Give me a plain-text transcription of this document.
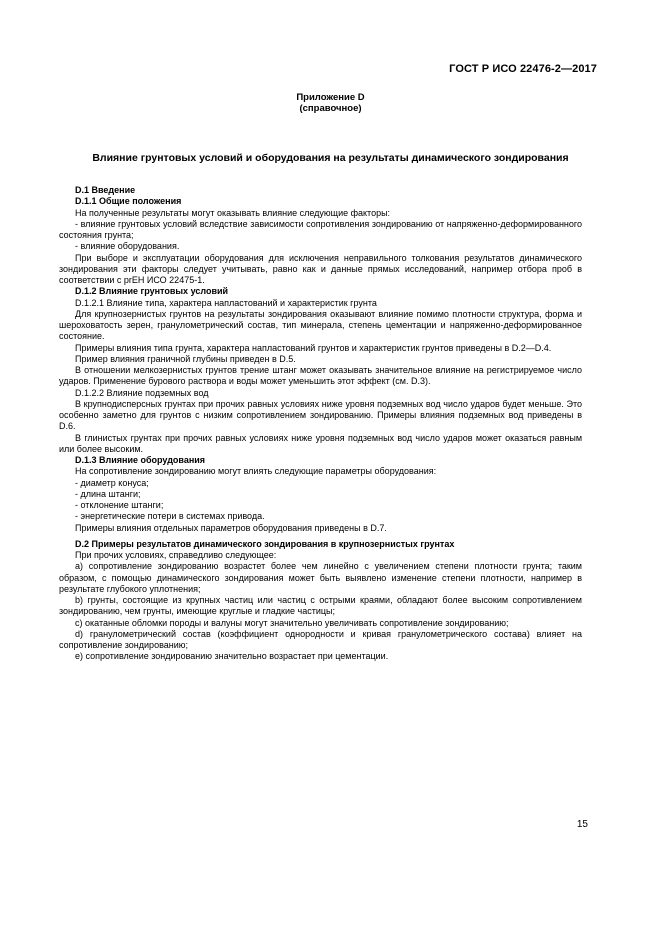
ГОСТ Р ИСО 22476-2—2017
Приложение D
(справочное)
Влияние грунтовых условий и оборудования на результаты динамического зондирования

D.1 Введение

D.1.1 Общие положения

На полученные результаты могут оказывать влияние следующие факторы:

- влияние грунтовых условий вследствие зависимости сопротивления зондированию от напряженно-деформированного состояния грунта;

- влияние оборудования.

При выборе и эксплуатации оборудования для исключения неправильного толкования результатов динамического зондирования эти факторы следует учитывать, равно как и данные прямых исследований, например отбора проб в соответствии с prEH ИСО 22475-1.

D.1.2 Влияние грунтовых условий

D.1.2.1 Влияние типа, характера напластований и характеристик грунта

Для крупнозернистых грунтов на результаты зондирования оказывают влияние помимо плотности структура, форма и шероховатость зерен, гранулометрический состав, тип минерала, степень цементации и напряженно-деформированное состояние.

Примеры влияния типа грунта, характера напластований грунтов и характеристик грунтов приведены в D.2—D.4.

Пример влияния граничной глубины приведен в D.5.

В отношении мелкозернистых грунтов трение штанг может оказывать значительное влияние на регистрируемое число ударов. Применение бурового раствора и воды может уменьшить этот эффект (см. D.3).

D.1.2.2 Влияние подземных вод

В крупнодисперсных грунтах при прочих равных условиях ниже уровня подземных вод число ударов будет меньше. Это особенно заметно для грунтов с низким сопротивлением зондированию. Примеры влияния подземных вод приведены в D.6.

В глинистых грунтах при прочих равных условиях ниже уровня подземных вод число ударов может оказаться равным или более высоким.

D.1.3 Влияние оборудования

На сопротивление зондированию могут влиять следующие параметры оборудования:

- диаметр конуса;

- длина штанги;

- отклонение штанги;

- энергетические потери в системах привода.

Примеры влияния отдельных параметров оборудования приведены в D.7.

D.2 Примеры результатов динамического зондирования в крупнозернистых грунтах

При прочих условиях, справедливо следующее:

a) сопротивление зондированию возрастет более чем линейно с увеличением степени плотности грунта; таким образом, с помощью динамического зондирования может быть выявлено изменение степени плотности, например в результате глубокого уплотнения;

b) грунты, состоящие из крупных частиц или частиц с острыми краями, обладают более высоким сопротивлением зондированию, чем грунты, имеющие круглые и гладкие частицы;

c) окатанные обломки породы и валуны могут значительно увеличивать сопротивление зондированию;

d) гранулометрический состав (коэффициент однородности и кривая гранулометрического состава) влияет на сопротивление зондированию;

e) сопротивление зондированию значительно возрастает при цементации.

15
